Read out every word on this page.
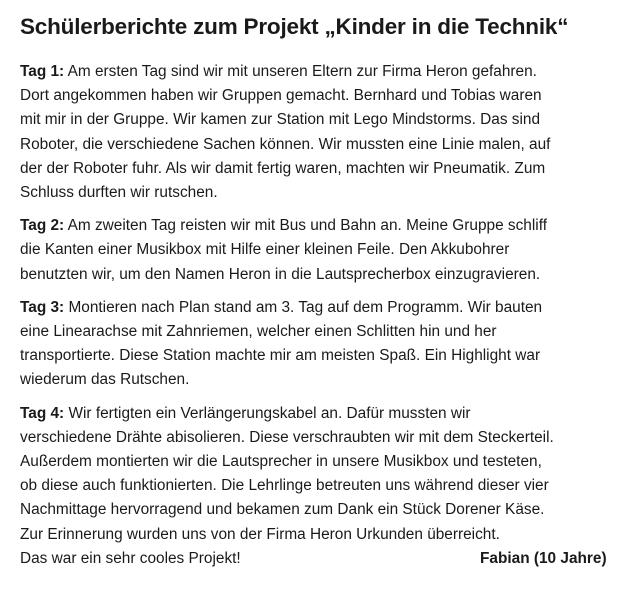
Schülerberichte zum Projekt „Kinder in die Technik“
Tag 1: Am ersten Tag sind wir mit unseren Eltern zur Firma Heron gefahren.
Dort angekommen haben wir Gruppen gemacht. Bernhard und Tobias waren
mit mir in der Gruppe. Wir kamen zur Station mit Lego Mindstorms. Das sind
Roboter, die verschiedene Sachen können. Wir mussten eine Linie malen, auf
der der Roboter fuhr. Als wir damit fertig waren, machten wir Pneumatik. Zum
Schluss durften wir rutschen.
Tag 2: Am zweiten Tag reisten wir mit Bus und Bahn an. Meine Gruppe schliff
die Kanten einer Musikbox mit Hilfe einer kleinen Feile. Den Akkubohrer
benutzten wir, um den Namen Heron in die Lautsprecherbox einzugravieren.
Tag 3: Montieren nach Plan stand am 3. Tag auf dem Programm. Wir bauten
eine Linearachse mit Zahnriemen, welcher einen Schlitten hin und her
transportierte. Diese Station machte mir am meisten Spaß. Ein Highlight war
wiederum das Rutschen.
Tag 4: Wir fertigten ein Verlängerungskabel an. Dafür mussten wir
verschiedene Drähte abisolieren. Diese verschraubten wir mit dem Steckerteil.
Außerdem montierten wir die Lautsprecher in unsere Musikbox und testeten,
ob diese auch funktionierten. Die Lehrlinge betreuten uns während dieser vier
Nachmittage hervorragend und bekamen zum Dank ein Stück Dorener Käse.
Zur Erinnerung wurden uns von der Firma Heron Urkunden überreicht.
Das war ein sehr cooles Projekt!	Fabian (10 Jahre)
